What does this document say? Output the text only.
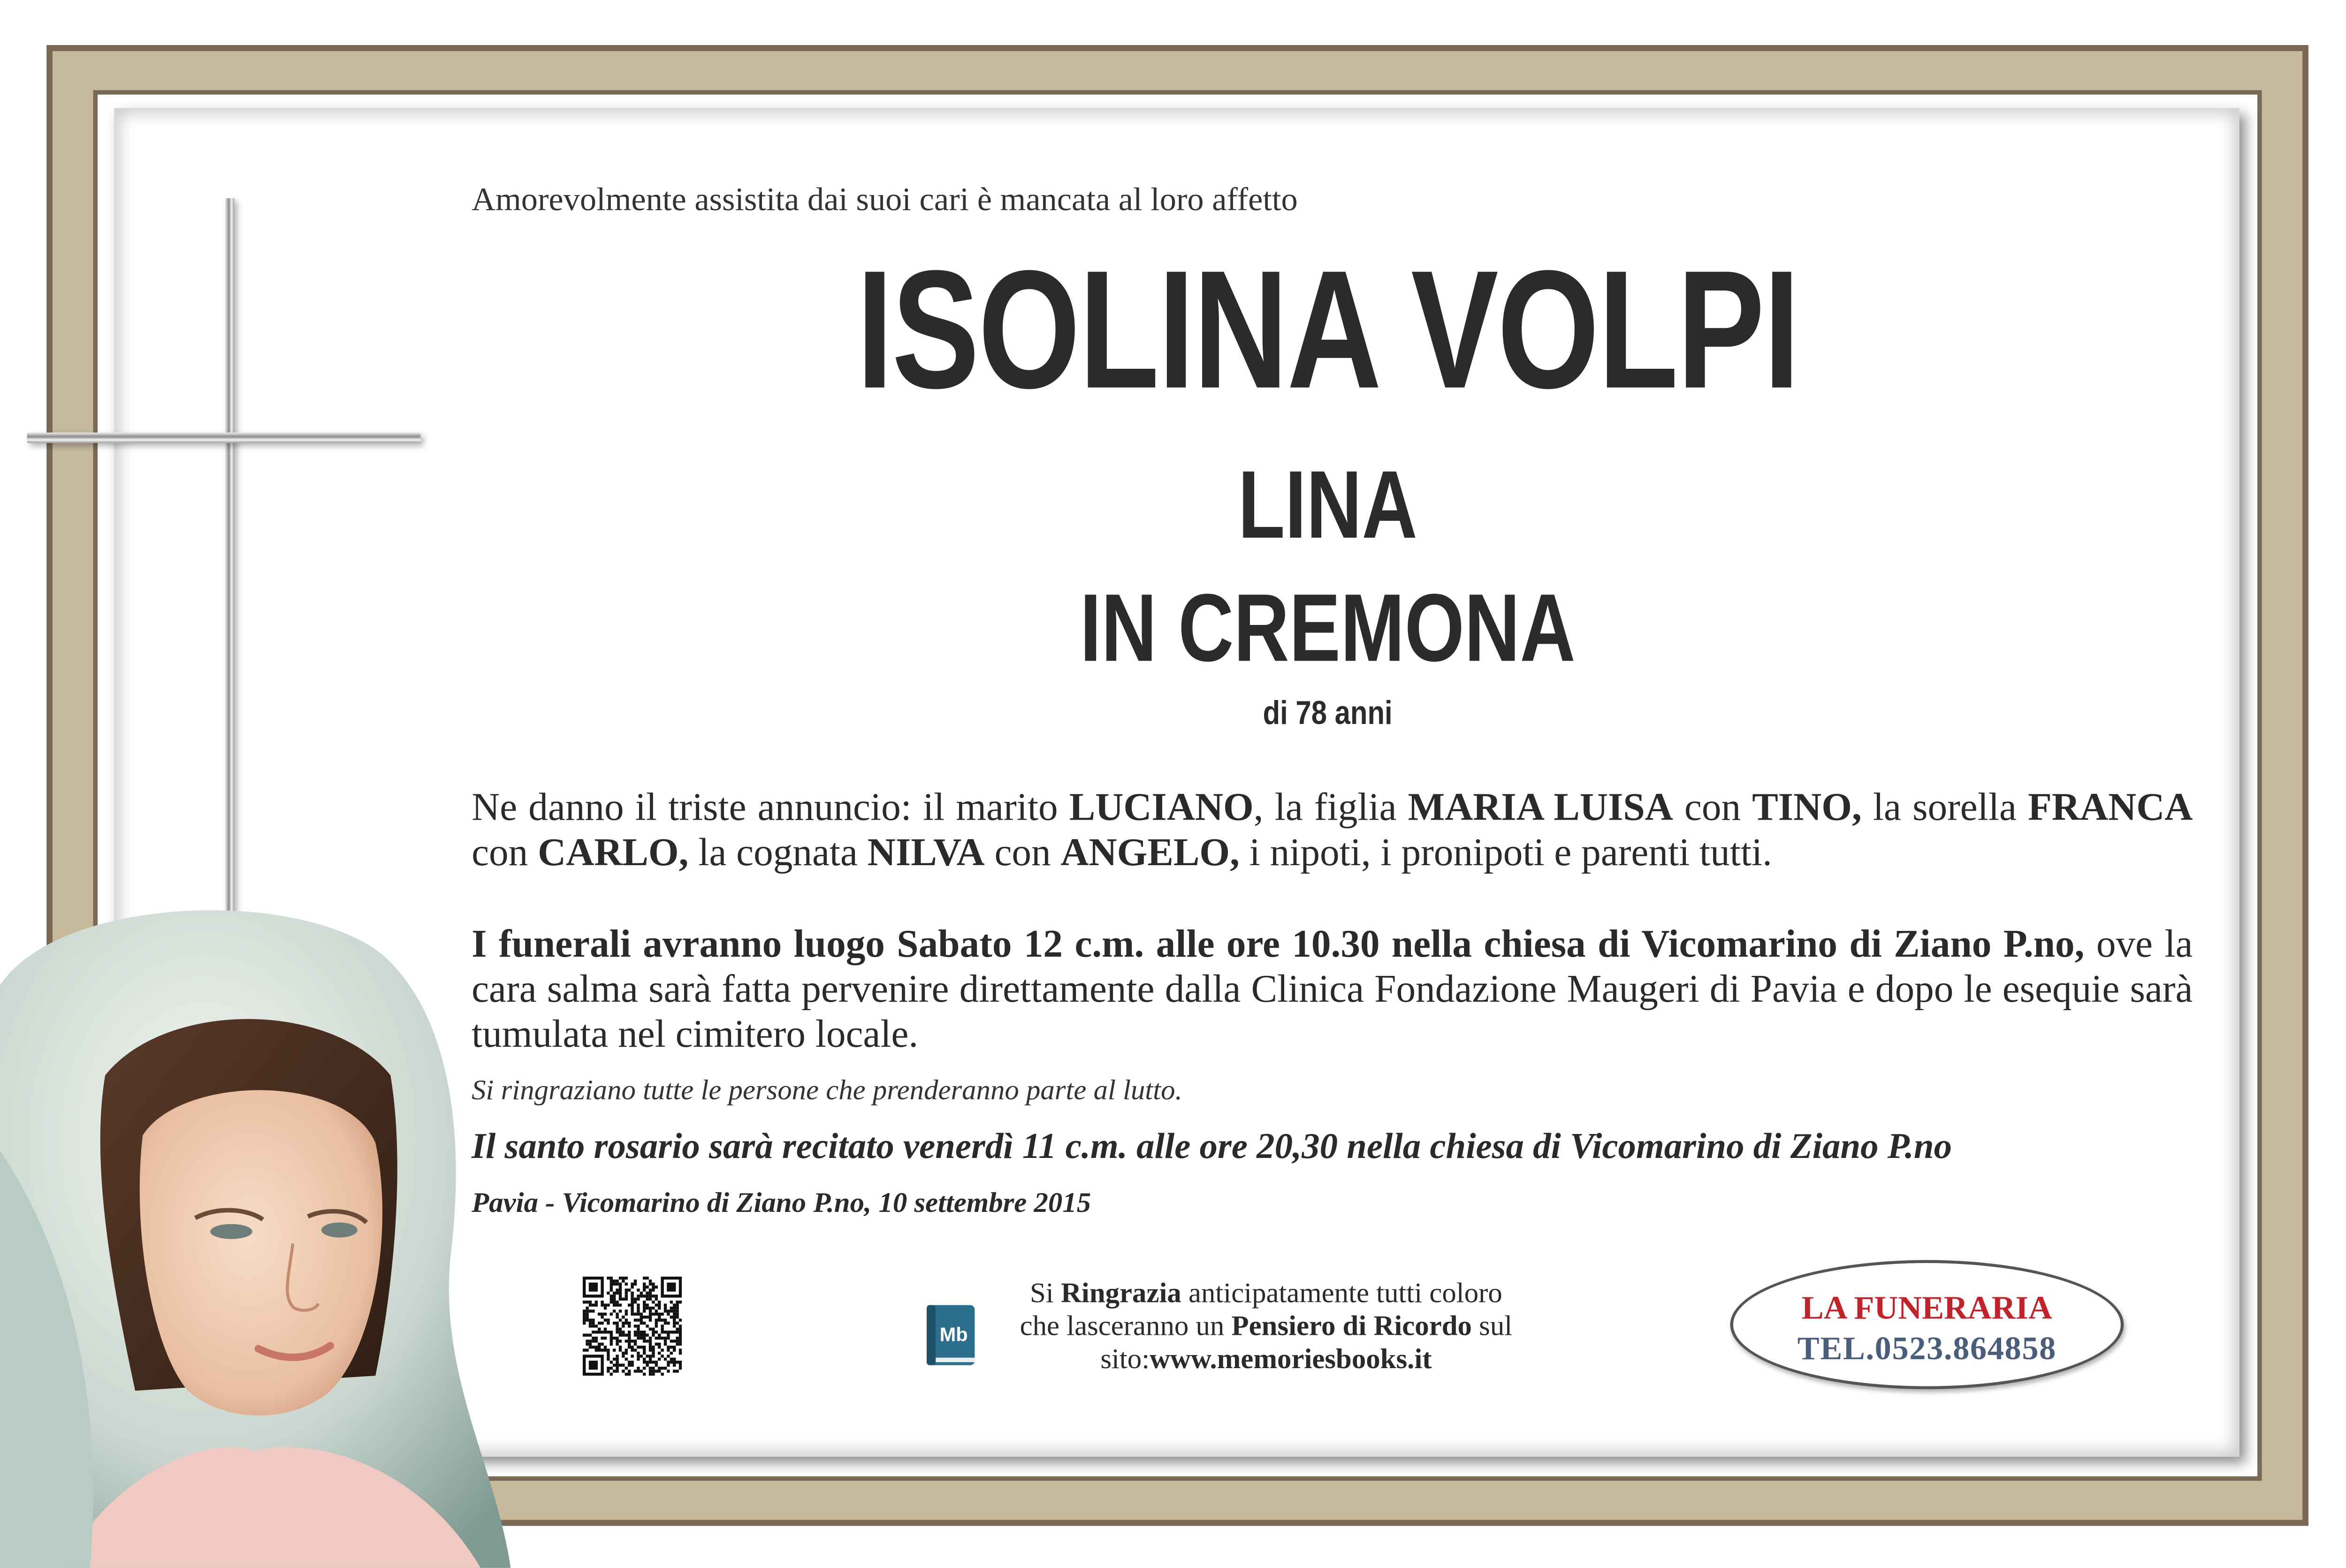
Amorevolmente assistita dai suoi cari è mancata al loro affetto
ISOLINA VOLPI
LINA
IN CREMONA
di 78 anni
Ne danno il triste annuncio: il marito LUCIANO, la figlia MARIA LUISA con TINO, la sorella FRANCA con CARLO, la cognata NILVA con ANGELO, i nipoti, i pronipoti e parenti tutti.
I funerali avranno luogo Sabato 12 c.m. alle ore 10.30 nella chiesa di Vicomarino di Ziano P.no, ove la cara salma sarà fatta pervenire direttamente dalla Clinica Fondazione Maugeri di Pavia e dopo le esequie sarà tumulata nel cimitero locale.
Si ringraziano tutte le persone che prenderanno parte al lutto.
Il santo rosario sarà recitato venerdì 11 c.m. alle ore 20,30 nella chiesa di Vicomarino di Ziano P.no
Pavia - Vicomarino di Ziano P.no, 10 settembre 2015
Mb
Si Ringrazia anticipatamente tutti coloro
che lasceranno un Pensiero di Ricordo sul
sito:www.memoriesbooks.it
LA FUNERARIA
TEL.0523.864858
